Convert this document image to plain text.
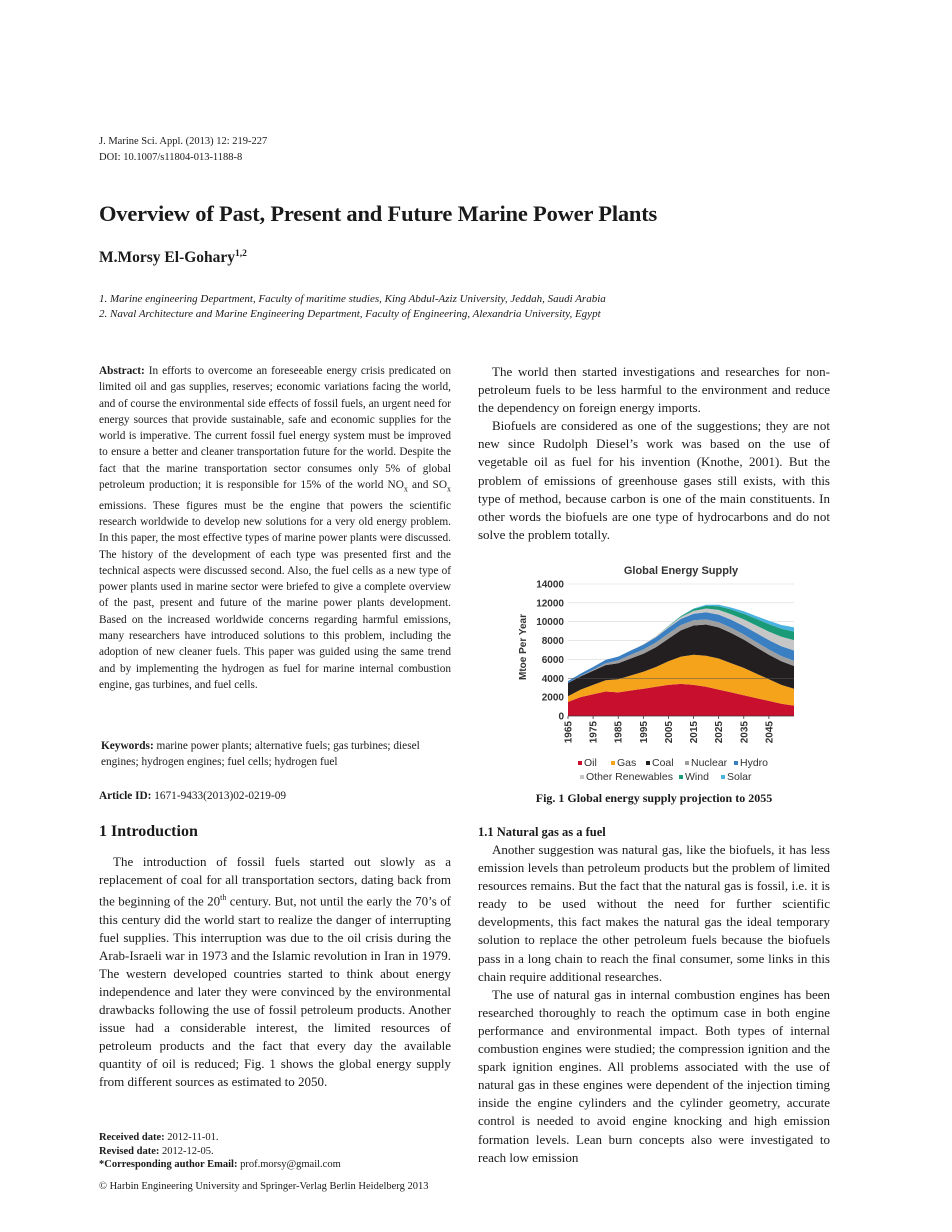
J. Marine Sci. Appl. (2013) 12: 219-227
DOI: 10.1007/s11804-013-1188-8
Overview of Past, Present and Future Marine Power Plants
M.Morsy El-Gohary$^{1,2}$
1. Marine engineering Department, Faculty of maritime studies, King Abdul-Aziz University, Jeddah, Saudi Arabia
2. Naval Architecture and Marine Engineering Department, Faculty of Engineering, Alexandria University, Egypt
Abstract: In efforts to overcome an foreseeable energy crisis predicated on limited oil and gas supplies, reserves; economic variations facing the world, and of course the environmental side effects of fossil fuels, an urgent need for energy sources that provide sustainable, safe and economic supplies for the world is imperative. The current fossil fuel energy system must be improved to ensure a better and cleaner transportation future for the world. Despite the fact that the marine transportation sector consumes only 5% of global petroleum production; it is responsible for 15% of the world $NO_x$ and $SO_x$ emissions. These figures must be the engine that powers the scientific research worldwide to develop new solutions for a very old energy problem. In this paper, the most effective types of marine power plants were discussed. The history of the development of each type was presented first and the technical aspects were discussed second. Also, the fuel cells as a new type of power plants used in marine sector were briefed to give a complete overview of the past, present and future of the marine power plants development. Based on the increased worldwide concerns regarding harmful emissions, many researchers have introduced solutions to this problem, including the adoption of new cleaner fuels. This paper was guided using the same trend and by implementing the hydrogen as fuel for marine internal combustion engine, gas turbines, and fuel cells.
Keywords: marine power plants; alternative fuels; gas turbines; diesel engines; hydrogen engines; fuel cells; hydrogen fuel
Article ID: 1671-9433(2013)02-0219-09
1 Introduction

The introduction of fossil fuels started out slowly as a replacement of coal for all transportation sectors, dating back from the beginning of the 20th century. But, not until the early the 70’s of this century did the world start to realize the danger of interrupting fuel supplies. This interruption was due to the oil crisis during the Arab-Israeli war in 1973 and the Islamic revolution in Iran in 1979. The western developed countries started to think about energy independence and later they were convinced by the environmental drawbacks following the use of fossil petroleum products. Another issue had a considerable interest, the limited resources of petroleum products and the fact that every day the available quantity of oil is reduced; Fig. 1 shows the global energy supply from different sources as estimated to 2050.

Received date: 2012-11-01.
Revised date: 2012-12-05.
*Corresponding author Email: prof.morsy@gmail.com
© Harbin Engineering University and Springer-Verlag Berlin Heidelberg 2013

The world then started investigations and researches for non-petroleum fuels to be less harmful to the environment and reduce the dependency on foreign energy imports.

Biofuels are considered as one of the suggestions; they are not new since Rudolph Diesel’s work was based on the use of vegetable oil as fuel for his invention (Knothe, 2001). But the problem of emissions of greenhouse gases still exists, with this type of method, because carbon is one of the main constituents. In other words the biofuels are one type of hydrocarbons and do not solve the problem totally.

Global Energy Supply
Mtoe Per Year
0
2000
4000
6000
8000
10000
12000
14000
1965 1975 1985 1995 2005 2015 2025 2035 2045
Oil Gas Coal Nuclear Hydro
Other Renewables Wind Solar
Fig. 1 Global energy supply projection to 2055
1.1 Natural gas as a fuel

Another suggestion was natural gas, like the biofuels, it has less emission levels than petroleum products but the problem of limited resources remains. But the fact that the natural gas is fossil, i.e. it is ready to be used without the need for further scientific developments, this fact makes the natural gas the ideal temporary solution to replace the other petroleum fuels because the biofuels pass in a long chain to reach the final consumer, some links in this chain require additional researches.

The use of natural gas in internal combustion engines has been researched thoroughly to reach the optimum case in both engine performance and environmental impact. Both types of internal combustion engines were studied; the compression ignition and the spark ignition engines. All problems associated with the use of natural gas in these engines were dependent of the injection timing inside the engine cylinders and the cylinder geometry, accurate control is needed to avoid engine knocking and high emission formation levels. Lean burn concepts also were investigated to reach low emission
